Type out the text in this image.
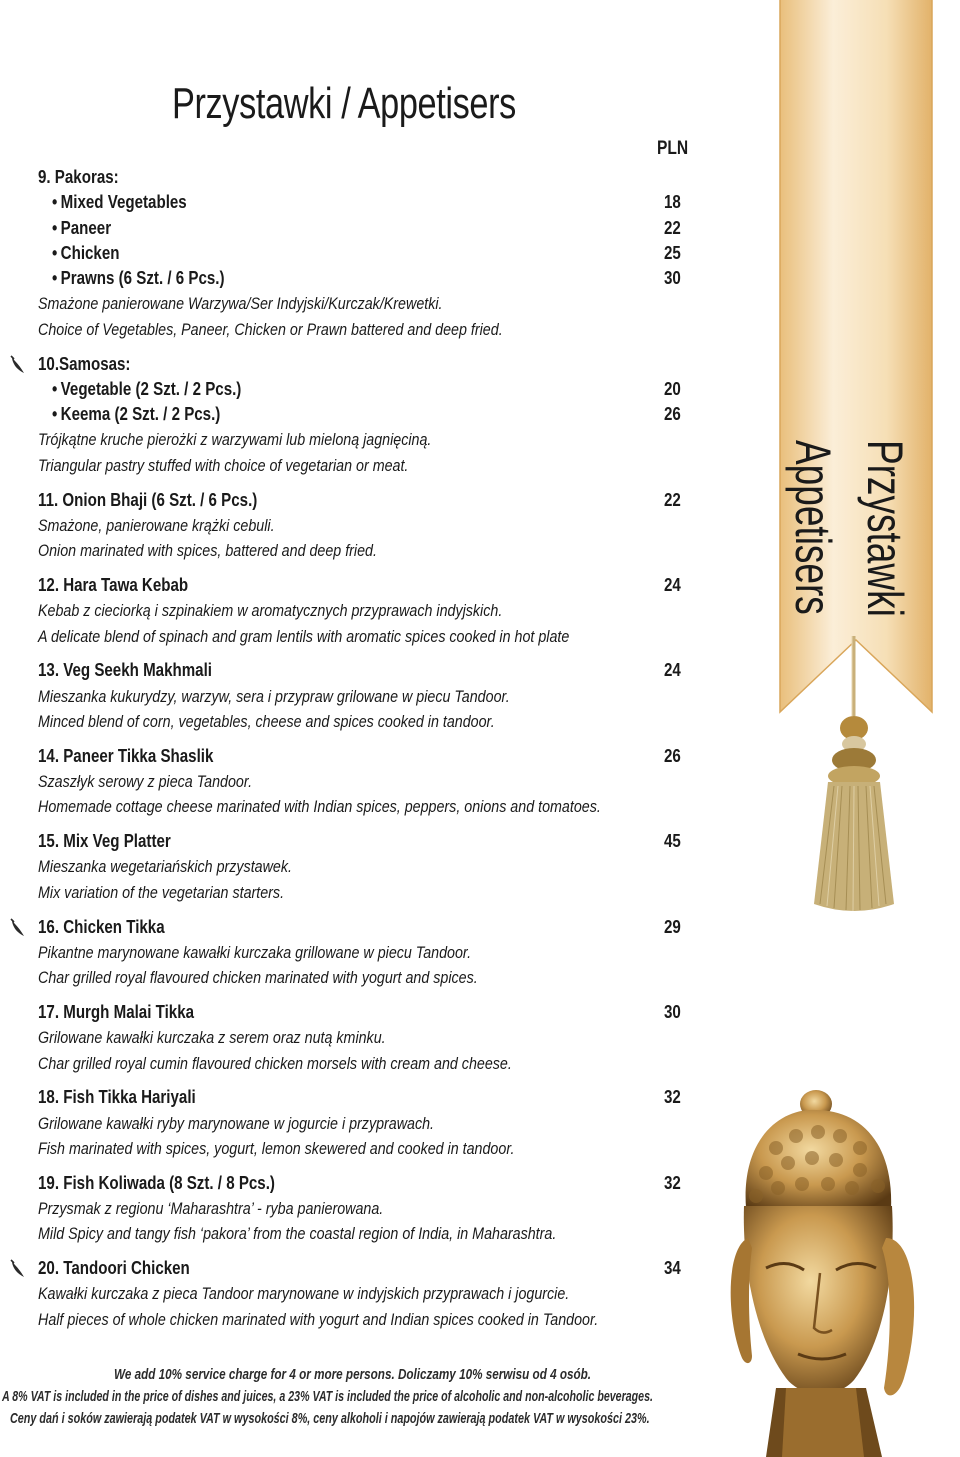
Przystawki / Appetisers
PLN
9. Pakoras:
• Mixed Vegetables	18
• Paneer	22
• Chicken	25
• Prawns (6 Szt. / 6 Pcs.)	30
Smażone panierowane Warzywa/Ser Indyjski/Kurczak/Krewetki.
Choice of Vegetables, Paneer, Chicken or Prawn battered and deep fried.
10.Samosas:
• Vegetable (2 Szt. / 2 Pcs.)	20
• Keema (2 Szt. / 2 Pcs.)	26
Trójkątne kruche pierożki z warzywami lub mieloną jagnięciną.
Triangular pastry stuffed with choice of vegetarian or meat.
11. Onion Bhaji (6 Szt. / 6 Pcs.)	22
Smażone, panierowane krążki cebuli.
Onion marinated with spices, battered and deep fried.
12. Hara Tawa Kebab	24
Kebab z cieciorką i szpinakiem w aromatycznych przyprawach indyjskich.
A delicate blend of spinach and gram lentils with aromatic spices cooked in hot plate
13. Veg Seekh Makhmali	24
Mieszanka kukurydzy, warzyw, sera i przypraw grilowane w piecu Tandoor.
Minced blend of corn, vegetables, cheese and spices cooked in tandoor.
14. Paneer Tikka Shaslik	26
Szaszłyk serowy z pieca Tandoor.
Homemade cottage cheese marinated with Indian spices, peppers, onions and tomatoes.
15. Mix Veg Platter	45
Mieszanka wegetariańskich przystawek.
Mix variation of the vegetarian starters.
16. Chicken Tikka	29
Pikantne marynowane kawałki kurczaka grillowane w piecu Tandoor.
Char grilled royal flavoured chicken marinated with yogurt and spices.
17. Murgh Malai Tikka	30
Grilowane kawałki kurczaka z serem oraz nutą kminku.
Char grilled royal cumin flavoured chicken morsels with cream and cheese.
18. Fish Tikka Hariyali	32
Grilowane kawałki ryby marynowane w jogurcie i przyprawach.
Fish marinated with spices, yogurt, lemon skewered and cooked in tandoor.
19. Fish Koliwada (8 Szt. / 8 Pcs.)	32
Przysmak z regionu ‘Maharashtra’ - ryba panierowana.
Mild Spicy and tangy fish ‘pakora’ from the coastal region of India, in Maharashtra.
20. Tandoori Chicken	34
Kawałki kurczaka z pieca Tandoor marynowane w indyjskich przyprawach i jogurcie.
Half pieces of whole chicken marinated with yogurt and Indian spices cooked in Tandoor.
Przystawki
Appetisers
We add 10% service charge for 4 or more persons. Doliczamy 10% serwisu od 4 osób.
A 8% VAT is included in the price of dishes and juices, a 23% VAT is included the price of alcoholic and non-alcoholic beverages.
Ceny dań i soków zawierają podatek VAT w wysokości 8%, ceny alkoholi i napojów zawierają podatek VAT w wysokości 23%.
